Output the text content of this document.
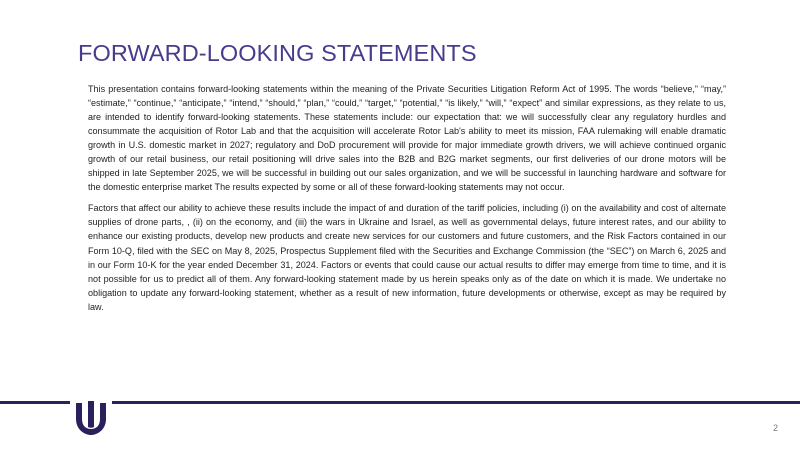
FORWARD-LOOKING STATEMENTS

This presentation contains forward-looking statements within the meaning of the Private Securities Litigation Reform Act of 1995. The words “believe,” “may,” “estimate,” “continue,” “anticipate,” “intend,” “should,” “plan,” “could,” “target,” “potential,” “is likely,” “will,” “expect” and similar expressions, as they relate to us, are intended to identify forward-looking statements. These statements include: our expectation that: we will successfully clear any regulatory hurdles and consummate the acquisition of Rotor Lab and that the acquisition will accelerate Rotor Lab's ability to meet its mission, FAA rulemaking will enable dramatic growth in U.S. domestic market in 2027; regulatory and DoD procurement will provide for major immediate growth drivers, we will achieve continued organic growth of our retail business, our retail positioning will drive sales into the B2B and B2G market segments, our first deliveries of our drone motors will be shipped in late September 2025, we will be successful in building out our sales organization, and we will be successful in launching hardware and software for the domestic enterprise market The results expected by some or all of these forward-looking statements may not occur.

Factors that affect our ability to achieve these results include the impact of and duration of the tariff policies, including (i) on the availability and cost of alternate supplies of drone parts, , (ii) on the economy, and (iii) the wars in Ukraine and Israel, as well as governmental delays, future interest rates, and our ability to enhance our existing products, develop new products and create new services for our customers and future customers, and the Risk Factors contained in our Form 10-Q, filed with the SEC on May 8, 2025, Prospectus Supplement filed with the Securities and Exchange Commission (the “SEC”) on March 6, 2025 and in our Form 10-K for the year ended December 31, 2024. Factors or events that could cause our actual results to differ may emerge from time to time, and it is not possible for us to predict all of them. Any forward-looking statement made by us herein speaks only as of the date on which it is made. We undertake no obligation to update any forward-looking statement, whether as a result of new information, future developments or otherwise, except as may be required by law.

2
